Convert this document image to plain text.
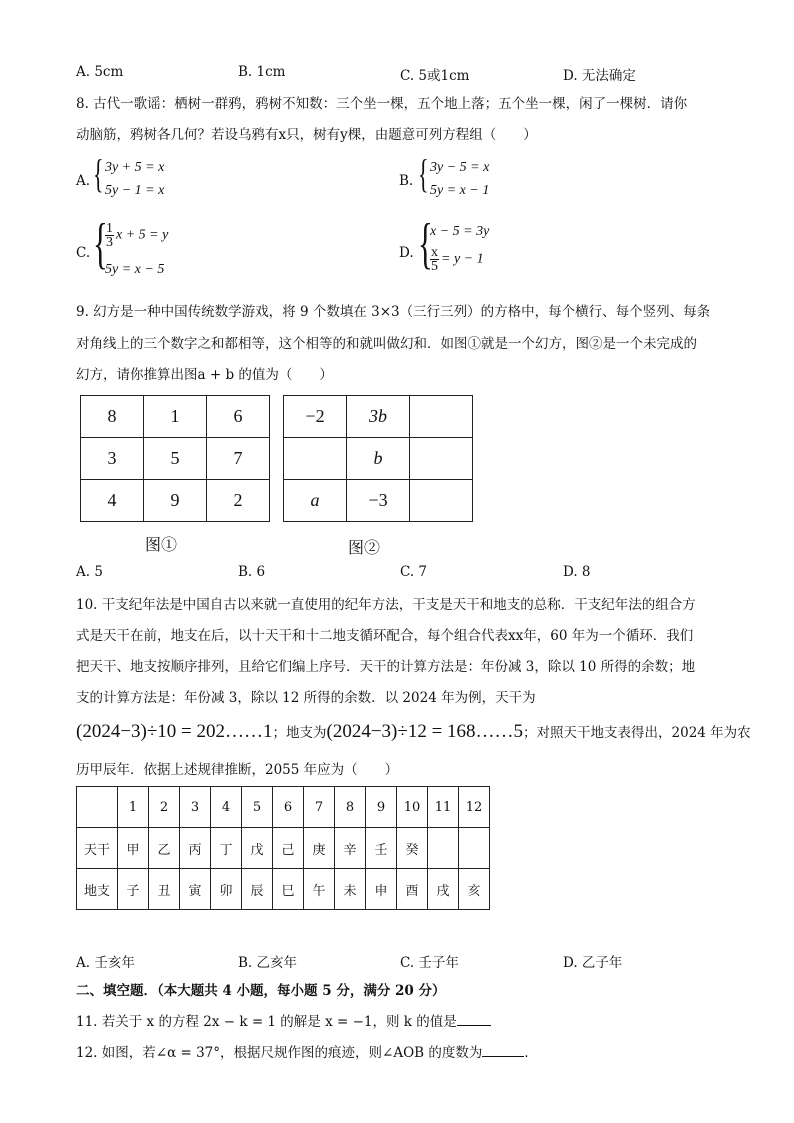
A. 5cm	B. 1cm	C. 5或1cm	D. 无法确定
8. 古代一歌谣：栖树一群鸦，鸦树不知数：三个坐一棵，五个地上落；五个坐一棵，闲了一棵树．请你
动脑筋，鸦树各几何？若设乌鸦有x只，树有y棵，由题意可列方程组（　　）
A. { 3y + 5 = x
5y − 1 = x
B. { 3y − 5 = x
5y = x − 1
C. {
$\frac{1}{3}$ x + 5 = y
5y = x − 5
D. {
x − 5 = 3y
$\frac{x}{5} = y - 1$
9. 幻方是一种中国传统数学游戏，将 9 个数填在 3×3（三行三列）的方格中，每个横行、每个竖列、每条
对角线上的三个数字之和都相等，这个相等的和就叫做幻和．如图①就是一个幻方，图②是一个未完成的
幻方，请你推算出图a + b 的值为（　　）
8	1	6
3	5	7
4	9	2
−2	3b	
	b	
a	−3	
图①	图②
A. 5	B. 6	C. 7	D. 8
10. 干支纪年法是中国自古以来就一直使用的纪年方法，干支是天干和地支的总称．干支纪年法的组合方
式是天干在前，地支在后，以十天干和十二地支循环配合，每个组合代表xx年，60 年为一个循环．我们
把天干、地支按顺序排列，且给它们编上序号．天干的计算方法是：年份减 3，除以 10 所得的余数；地
支的计算方法是：年份减 3，除以 12 所得的余数．以 2024 年为例，天干为
(2024−3)÷10 = 202……1；地支为(2024−3)÷12 = 168……5；对照天干地支表得出，2024 年为农
历甲辰年．依据上述规律推断，2055 年应为（　　）
	1	2	3	4	5	6	7	8	9	10	11	12
天干	甲	乙	丙	丁	戊	己	庚	辛	壬	癸		
地支	子	丑	寅	卯	辰	巳	午	未	申	酉	戌	亥
A. 壬亥年	B. 乙亥年	C. 壬子年	D. 乙子年
二、填空题．（本大题共 4 小题，每小题 5 分，满分 20 分）
11. 若关于 x 的方程 2x − k = 1 的解是 x = −1，则 k 的值是
12. 如图，若∠α = 37°，根据尺规作图的痕迹，则∠AOB 的度数为	．
